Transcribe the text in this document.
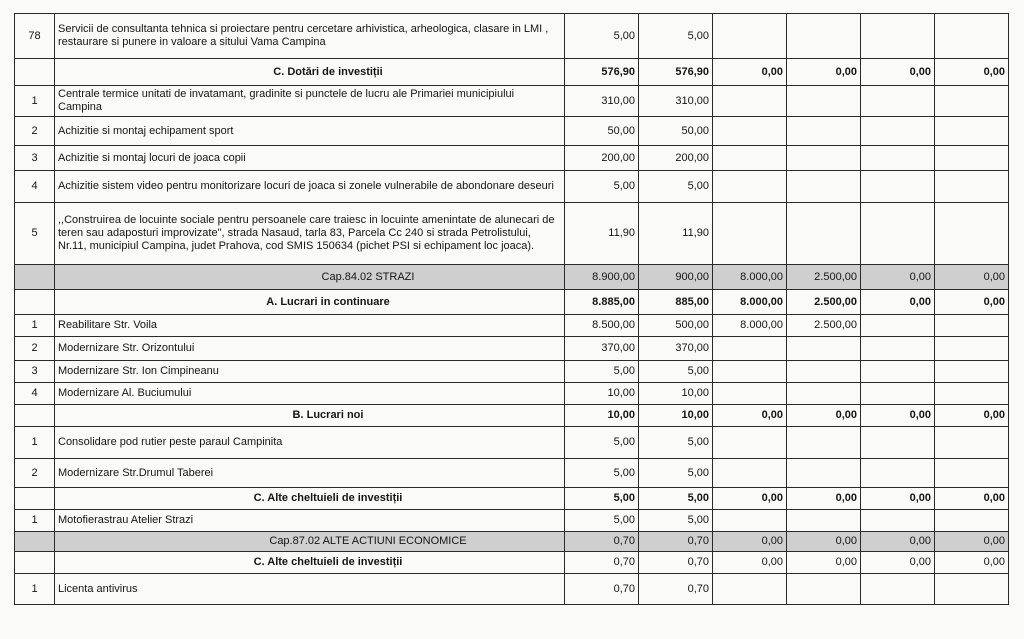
78	Servicii de consultanta tehnica si proiectare pentru cercetare arhivistica, arheologica, clasare in LMI , restaurare si punere in valoare a sitului Vama Campina	5,00	5,00				
	C. Dotări de investiții	576,90	576,90	0,00	0,00	0,00	0,00
1	Centrale termice unitati de invatamant, gradinite si punctele de lucru ale Primariei municipiului Campina	310,00	310,00				
2	Achizitie si montaj echipament sport	50,00	50,00				
3	Achizitie si montaj locuri de joaca copii	200,00	200,00				
4	Achizitie sistem video pentru monitorizare locuri de joaca si zonele vulnerabile de abondonare deseuri	5,00	5,00				
5	,,Construirea de locuinte sociale pentru persoanele care traiesc in locuinte amenintate de alunecari de teren sau adaposturi improvizate", strada Nasaud, tarla 83, Parcela Cc 240 si strada Petrolistului, Nr.11, municipiul Campina, judet Prahova, cod SMIS 150634 (pichet PSI si echipament loc joaca).	11,90	11,90				
	Cap.84.02 STRAZI	8.900,00	900,00	8.000,00	2.500,00	0,00	0,00
	A. Lucrari in continuare	8.885,00	885,00	8.000,00	2.500,00	0,00	0,00
1	Reabilitare Str. Voila	8.500,00	500,00	8.000,00	2.500,00		
2	Modernizare Str. Orizontului	370,00	370,00				
3	Modernizare Str. Ion Cimpineanu	5,00	5,00				
4	Modernizare Al. Buciumului	10,00	10,00				
	B. Lucrari noi	10,00	10,00	0,00	0,00	0,00	0,00
1	Consolidare pod rutier peste paraul Campinita	5,00	5,00				
2	Modernizare Str.Drumul Taberei	5,00	5,00				
	C. Alte cheltuieli de investiții	5,00	5,00	0,00	0,00	0,00	0,00
1	Motofierastrau Atelier Strazi	5,00	5,00				
	Cap.87.02 ALTE ACTIUNI ECONOMICE	0,70	0,70	0,00	0,00	0,00	0,00
	C. Alte cheltuieli de investiții	0,70	0,70	0,00	0,00	0,00	0,00
1	Licenta antivirus	0,70	0,70				
